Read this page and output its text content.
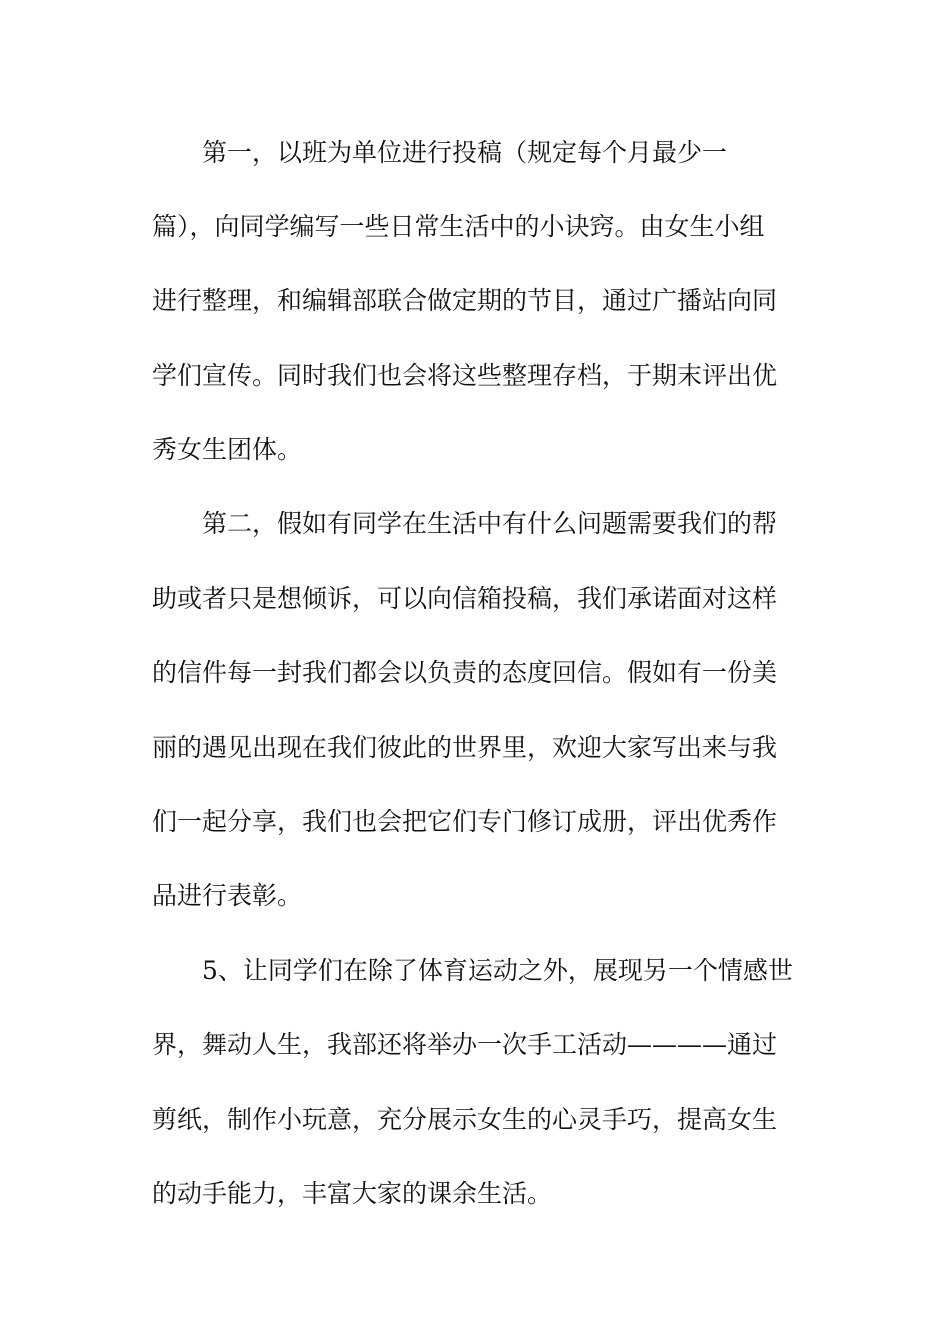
第一，以班为单位进行投稿（规定每个月最少一

篇），向同学编写一些日常生活中的小诀窍。由女生小组

进行整理，和编辑部联合做定期的节目，通过广播站向同

学们宣传。同时我们也会将这些整理存档，于期末评出优

秀女生团体。

第二，假如有同学在生活中有什么问题需要我们的帮

助或者只是想倾诉，可以向信箱投稿，我们承诺面对这样

的信件每一封我们都会以负责的态度回信。假如有一份美

丽的遇见出现在我们彼此的世界里，欢迎大家写出来与我

们一起分享，我们也会把它们专门修订成册，评出优秀作

品进行表彰。

5、让同学们在除了体育运动之外，展现另一个情感世

界，舞动人生，我部还将举办一次手工活动————通过

剪纸，制作小玩意，充分展示女生的心灵手巧，提高女生

的动手能力，丰富大家的课余生活。
